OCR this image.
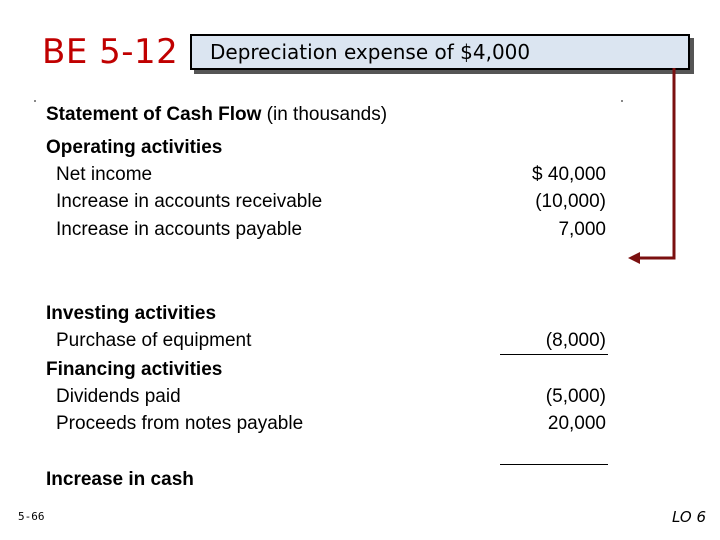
BE 5-12 Depreciation expense of $4,000
Statement of Cash Flow (in thousands)
Operating activities
Net income	$ 40,000
Increase in accounts receivable	(10,000)
Increase in accounts payable	7,000
Investing activities
Purchase of equipment	(8,000)
Financing activities
Dividends paid	(5,000)
Proceeds from notes payable	20,000
Increase in cash
5-66	LO 6
